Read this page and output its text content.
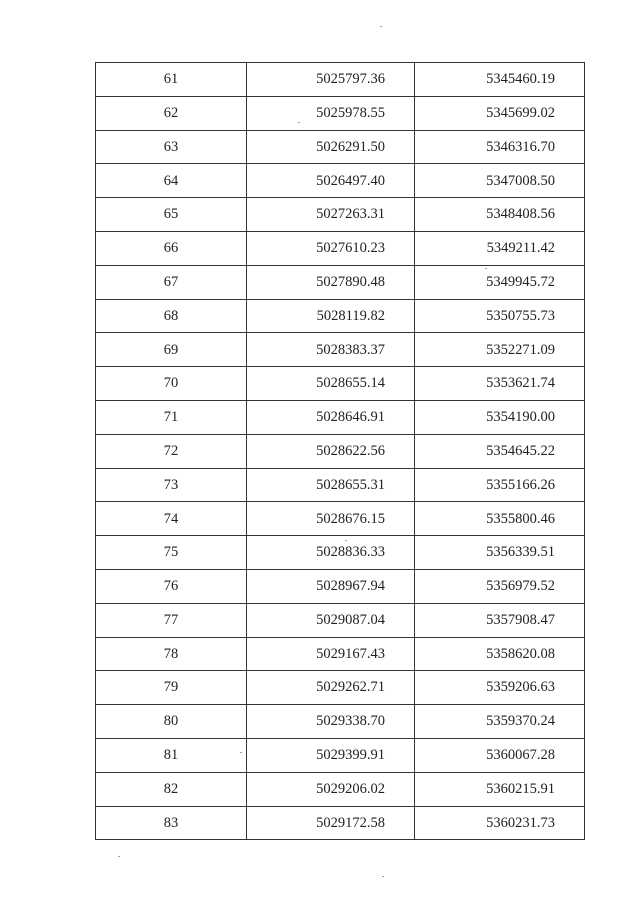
61	5025797.36	5345460.19
62	5025978.55	5345699.02
63	5026291.50	5346316.70
64	5026497.40	5347008.50
65	5027263.31	5348408.56
66	5027610.23	5349211.42
67	5027890.48	5349945.72
68	5028119.82	5350755.73
69	5028383.37	5352271.09
70	5028655.14	5353621.74
71	5028646.91	5354190.00
72	5028622.56	5354645.22
73	5028655.31	5355166.26
74	5028676.15	5355800.46
75	5028836.33	5356339.51
76	5028967.94	5356979.52
77	5029087.04	5357908.47
78	5029167.43	5358620.08
79	5029262.71	5359206.63
80	5029338.70	5359370.24
81	5029399.91	5360067.28
82	5029206.02	5360215.91
83	5029172.58	5360231.73
